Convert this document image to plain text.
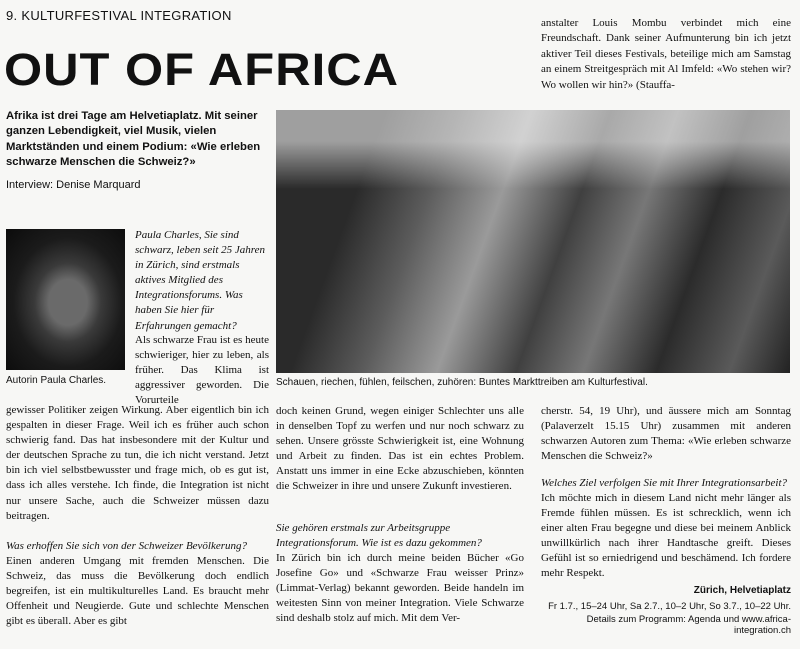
9. KULTURFESTIVAL INTEGRATION
OUT OF AFRICA
Afrika ist drei Tage am Helvetiaplatz. Mit seiner ganzen Lebendigkeit, viel Musik, vielen Marktständen und einem Podium: «Wie erleben schwarze Menschen die Schweiz?»
Interview: Denise Marquard
Autorin Paula Charles.
Paula Charles, Sie sind schwarz, leben seit 25 Jahren in Zürich, sind erstmals aktives Mitglied des Integrationsforums. Was haben Sie hier für Erfahrungen gemacht?
Als schwarze Frau ist es heute schwieriger, hier zu leben, als früher. Das Klima ist aggressiver geworden. Die Vorurteile
gewisser Politiker zeigen Wirkung. Aber eigentlich bin ich gespalten in dieser Frage. Weil ich es früher auch schon schwierig fand. Das hat insbesondere mit der Kultur und der deutschen Sprache zu tun, die ich nicht verstand. Jetzt bin ich viel selbstbewusster und frage mich, ob es gut ist, dass ich alles verstehe. Ich finde, die Integration ist nicht nur unsere Sache, auch die Schweizer müssen dazu beitragen.
Was erhoffen Sie sich von der Schweizer Bevölkerung?
Einen anderen Umgang mit fremden Menschen. Die Schweiz, das muss die Bevölkerung doch endlich begreifen, ist ein multikulturelles Land. Es braucht mehr Offenheit und Neugierde. Gute und schlechte Menschen gibt es überall. Aber es gibt
Schauen, riechen, fühlen, feilschen, zuhören: Buntes Markttreiben am Kulturfestival.
doch keinen Grund, wegen einiger Schlechter uns alle in denselben Topf zu werfen und nur noch schwarz zu sehen. Unsere grösste Schwierigkeit ist, eine Wohnung und Arbeit zu finden. Das ist ein echtes Problem. Anstatt uns immer in eine Ecke abzuschieben, könnten die Schweizer in ihre und unsere Zukunft investieren.
Sie gehören erstmals zur Arbeitsgruppe Integrationsforum. Wie ist es dazu gekommen?
In Zürich bin ich durch meine beiden Bücher «Go Josefine Go» und «Schwarze Frau weisser Prinz» (Limmat-Verlag) bekannt geworden. Beide handeln im weitesten Sinn von meiner Integration. Viele Schwarze sind deshalb stolz auf mich. Mit dem Ver-
anstalter Louis Mombu verbindet mich eine Freundschaft. Dank seiner Aufmunterung bin ich jetzt aktiver Teil dieses Festivals, beteilige mich am Samstag an einem Streitgespräch mit Al Imfeld: «Wo stehen wir? Wo wollen wir hin?» (Stauffa-
cherstr. 54, 19 Uhr), und äussere mich am Sonntag (Palaverzelt 15.15 Uhr) zusammen mit anderen schwarzen Autoren zum Thema: «Wie erleben schwarze Menschen die Schweiz?»
Welches Ziel verfolgen Sie mit Ihrer Integrationsarbeit?
Ich möchte mich in diesem Land nicht mehr länger als Fremde fühlen müssen. Es ist schrecklich, wenn ich einer alten Frau begegne und diese bei meinem Anblick unwillkürlich nach ihrer Handtasche greift. Dieses Gefühl ist so erniedrigend und beschämend. Ich fordere mehr Respekt.
Zürich, Helvetiaplatz
Fr 1.7., 15–24 Uhr, Sa 2.7., 10–2 Uhr, So 3.7., 10–22 Uhr.
Details zum Programm: Agenda und www.africa-integration.ch
